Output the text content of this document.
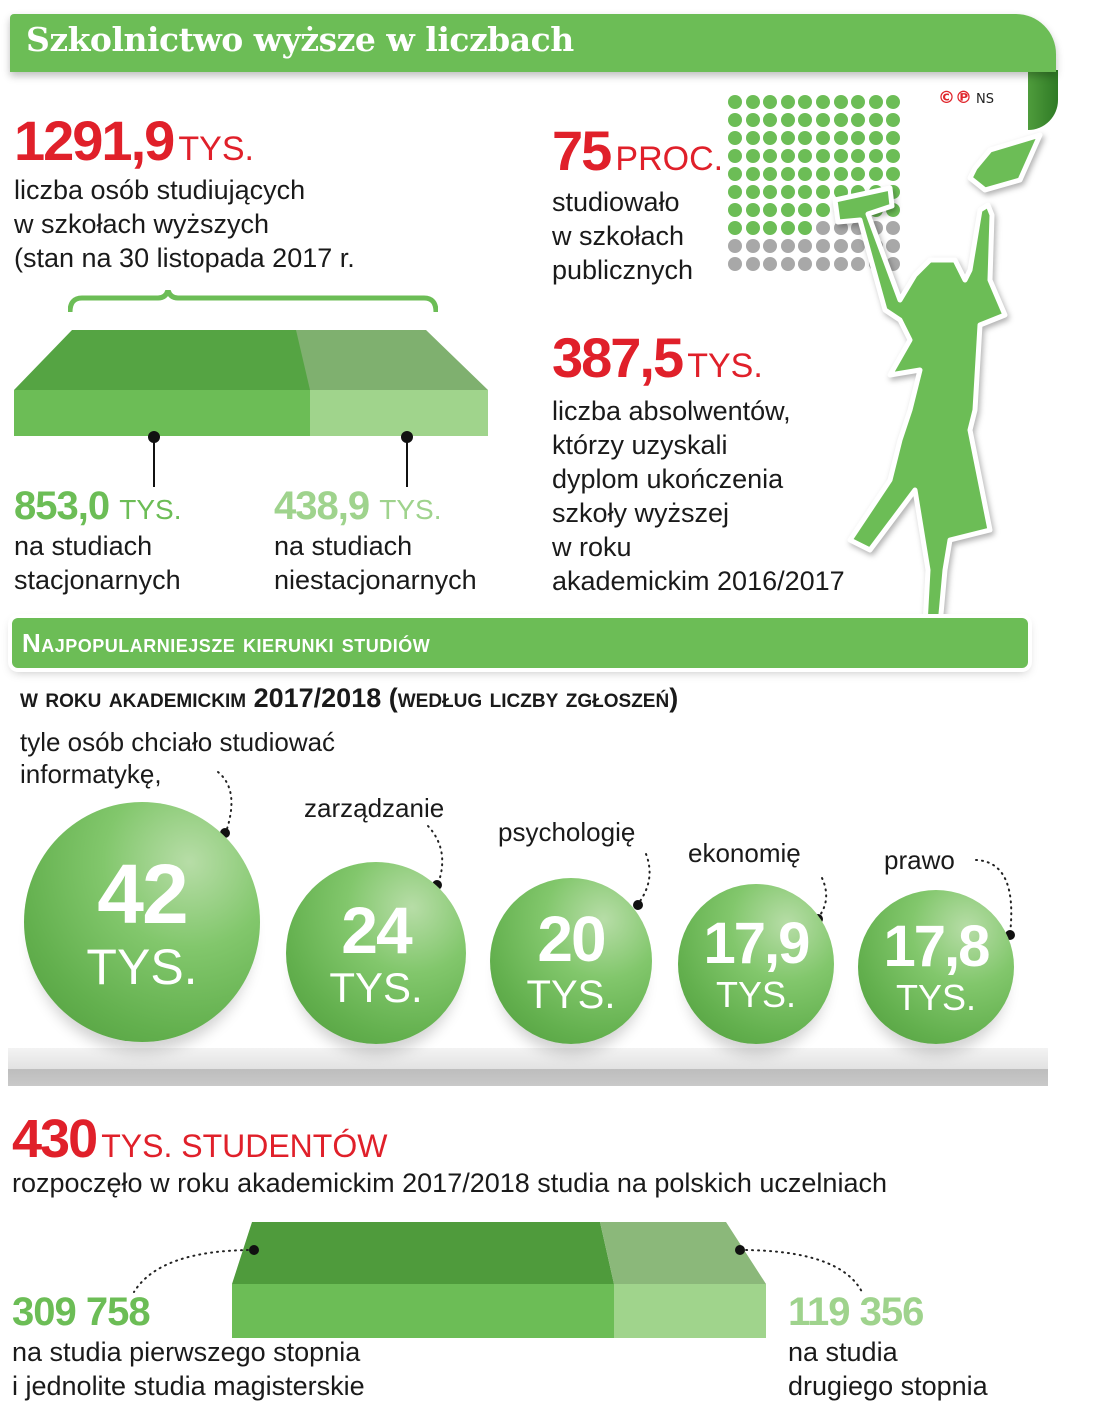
Szkolnictwo wyższe w liczbach
©℗ NS
1291,9 TYS.
liczba osób studiujących
w szkołach wyższych
(stan na 30 listopada 2017 r.
853,0 TYS.
na studiach
stacjonarnych
438,9 TYS.
na studiach
niestacjonarnych
75 PROC.
studiowało
w szkołach
publicznych
387,5 TYS.
liczba absolwentów,
którzy uzyskali
dyplom ukończenia
szkoły wyższej
w roku
akademickim 2016/2017
Najpopularniejsze kierunki studiów
w roku akademickim 2017/2018 (według liczby zgłoszeń)
tyle osób chciało studiować
informatykę,
zarządzanie
psychologię
ekonomię	prawo
42
TYS. 24
TYS.
20
TYS.
17,9
TYS.
17,8
TYS.
430 TYS. STUDENTÓW
rozpoczęło w roku akademickim 2017/2018 studia na polskich uczelniach
309 758
na studia pierwszego stopnia
i jednolite studia magisterskie
119 356
na studia
drugiego stopnia
